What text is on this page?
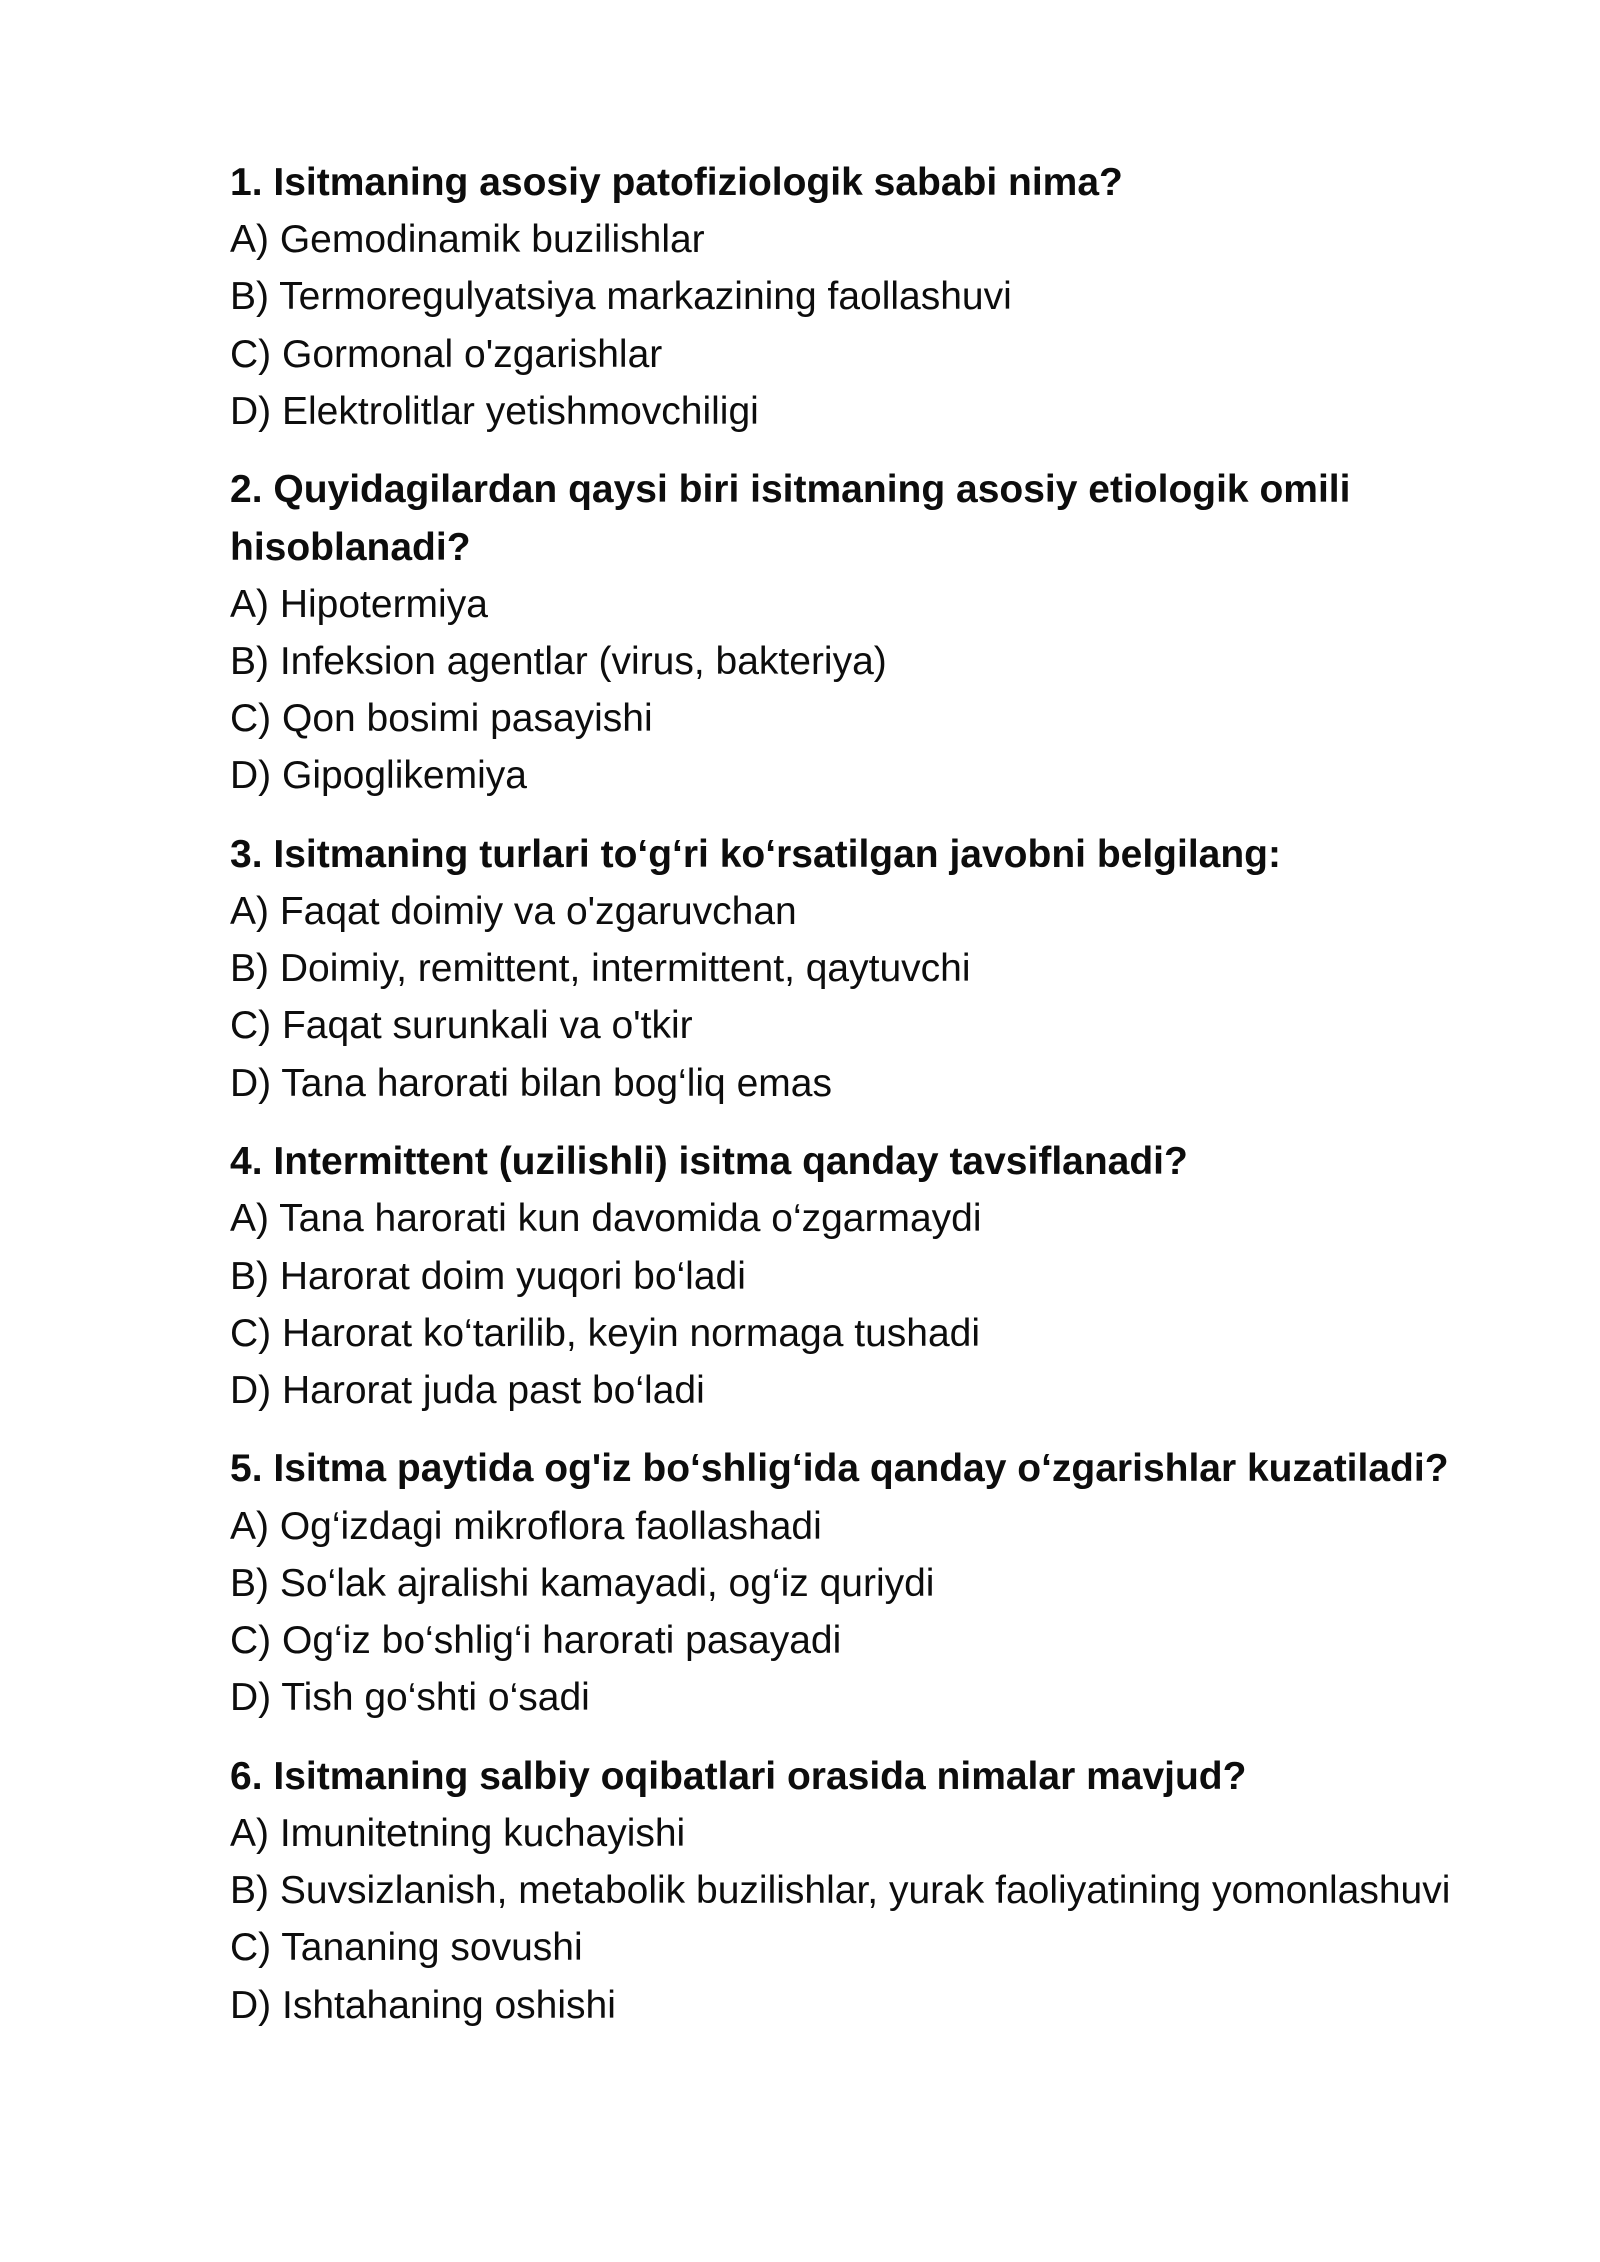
1. Isitmaning asosiy patofiziologik sababi nima?
A) Gemodinamik buzilishlar
B) Termoregulyatsiya markazining faollashuvi
C) Gormonal o'zgarishlar
D) Elektrolitlar yetishmovchiligi
2. Quyidagilardan qaysi biri isitmaning asosiy etiologik omili hisoblanadi?
A) Hipotermiya
B) Infeksion agentlar (virus, bakteriya)
C) Qon bosimi pasayishi
D) Gipoglikemiya
3. Isitmaning turlari to‘g‘ri ko‘rsatilgan javobni belgilang:
A) Faqat doimiy va o'zgaruvchan
B) Doimiy, remittent, intermittent, qaytuvchi
C) Faqat surunkali va o'tkir
D) Tana harorati bilan bog‘liq emas
4. Intermittent (uzilishli) isitma qanday tavsiflanadi?
A) Tana harorati kun davomida o‘zgarmaydi
B) Harorat doim yuqori bo‘ladi
C) Harorat ko‘tarilib, keyin normaga tushadi
D) Harorat juda past bo‘ladi
5. Isitma paytida og'iz bo‘shlig‘ida qanday o‘zgarishlar kuzatiladi?
A) Og‘izdagi mikroflora faollashadi
B) So‘lak ajralishi kamayadi, og‘iz quriydi
C) Og‘iz bo‘shlig‘i harorati pasayadi
D) Tish go‘shti o‘sadi
6. Isitmaning salbiy oqibatlari orasida nimalar mavjud?
A) Imunitetning kuchayishi
B) Suvsizlanish, metabolik buzilishlar, yurak faoliyatining yomonlashuvi
C) Tananing sovushi
D) Ishtahaning oshishi
